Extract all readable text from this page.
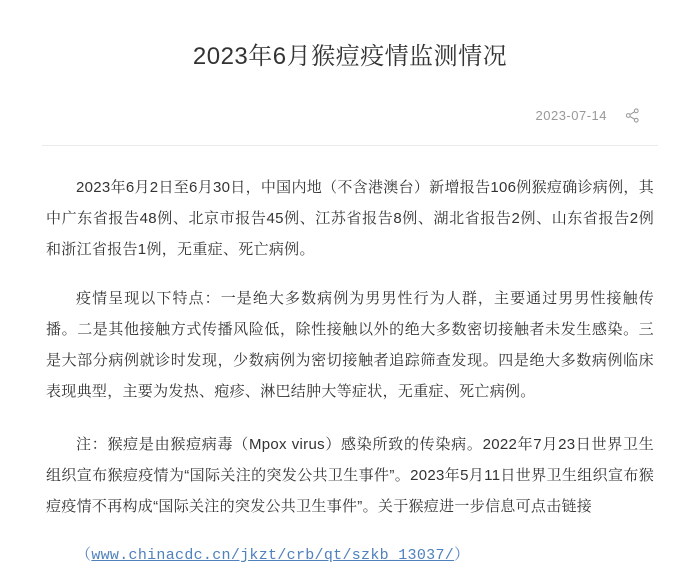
2023年6月猴痘疫情监测情况
2023-07-14

2023年6月2日至6月30日，中国内地（不含港澳台）新增报告106例猴痘确诊病例，其中广东省报告48例、北京市报告45例、江苏省报告8例、湖北省报告2例、山东省报告2例和浙江省报告1例，无重症、死亡病例。

疫情呈现以下特点：一是绝大多数病例为男男性行为人群，主要通过男男性接触传播。二是其他接触方式传播风险低，除性接触以外的绝大多数密切接触者未发生感染。三是大部分病例就诊时发现，少数病例为密切接触者追踪筛查发现。四是绝大多数病例临床表现典型，主要为发热、疱疹、淋巴结肿大等症状，无重症、死亡病例。

注：猴痘是由猴痘病毒（Mpox virus）感染所致的传染病。2022年7月23日世界卫生组织宣布猴痘疫情为“国际关注的突发公共卫生事件”。2023年5月11日世界卫生组织宣布猴痘疫情不再构成“国际关注的突发公共卫生事件”。关于猴痘进一步信息可点击链接

（www.chinacdc.cn/jkzt/crb/qt/szkb_13037/）
